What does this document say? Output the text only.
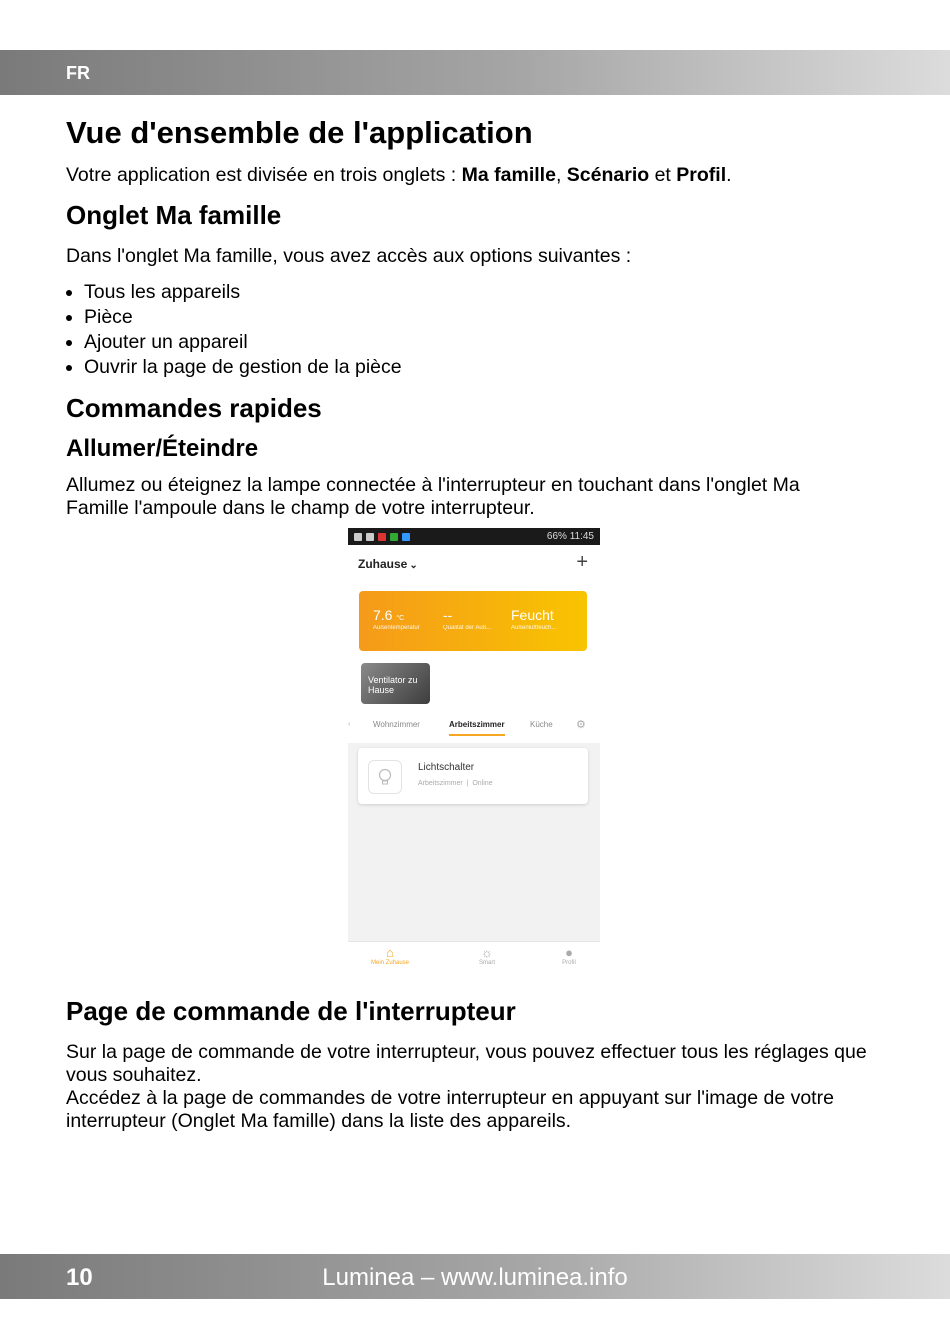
FR
Vue d'ensemble de l'application

Votre application est divisée en trois onglets : Ma famille, Scénario et Profil.

Onglet Ma famille

Dans l'onglet Ma famille, vous avez accès aux options suivantes :

• Tous les appareils
• Pièce
• Ajouter un appareil
• Ouvrir la page de gestion de la pièce
Commandes rapides
Allumer/Éteindre

Allumez ou éteignez la lampe connectée à l'interrupteur en touchant dans l'onglet Ma Famille l'ampoule dans le champ de votre interrupteur.

66% 11:45
Zuhause ⌄	+
7.6 °C
Außentemperatur
--
Qualität der Auß...
Feucht
Außenluftfeuch...
Ventilator zu Hause
‹	Wohnzimmer	Arbeitszimmer	Küche ⚙
Lichtschalter
Arbeitszimmer  |  Online
⌂
Mein Zuhause
☼
Smart
●
Profil
Page de commande de l'interrupteur

Sur la page de commande de votre interrupteur, vous pouvez effectuer tous les réglages que vous souhaitez.

Accédez à la page de commandes de votre interrupteur en appuyant sur l'image de votre interrupteur (Onglet Ma famille) dans la liste des appareils.

Luminea – www.luminea.info
10
